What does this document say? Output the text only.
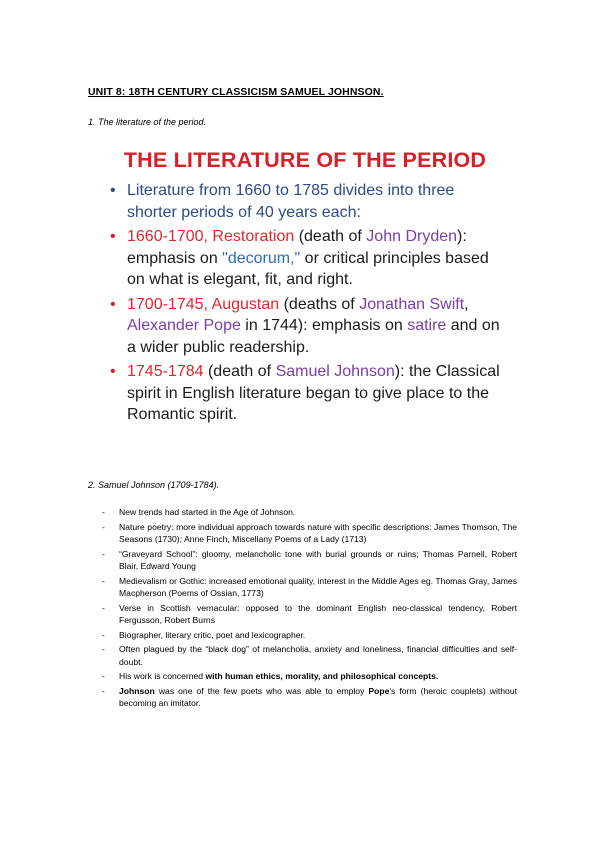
UNIT 8: 18TH CENTURY CLASSICISM SAMUEL JOHNSON.
1. The literature of the period.
THE LITERATURE OF THE PERIOD
• Literature from 1660 to 1785 divides into three shorter periods of 40 years each:
• 1660-1700, Restoration (death of John Dryden): emphasis on "decorum," or critical principles based on what is elegant, fit, and right.
• 1700-1745, Augustan (deaths of Jonathan Swift, Alexander Pope in 1744): emphasis on satire and on a wider public readership.
• 1745-1784 (death of Samuel Johnson): the Classical spirit in English literature began to give place to the Romantic spirit.
2. Samuel Johnson (1709-1784).
- New trends had started in the Age of Johnson.
- Nature poetry: more individual approach towards nature with specific descriptions: James Thomson, The Seasons (1730); Anne Finch, Miscellany Poems of a Lady (1713)
- “Graveyard School”: gloomy, melancholic tone with burial grounds or ruins; Thomas Parnell, Robert Blair, Edward Young
- Medievalism or Gothic: increased emotional quality, interest in the Middle Ages eg. Thomas Gray, James Macpherson (Poems of Ossian, 1773)
- Verse in Scottish vernacular: opposed to the dominant English neo-classical tendency, Robert Fergusson, Robert Burns
- Biographer, literary critic, poet and lexicographer.
- Often plagued by the “black dog” of melancholia, anxiety and loneliness, financial difficulties and self-doubt.
- His work is concerned with human ethics, morality, and philosophical concepts.
- Johnson was one of the few poets who was able to employ Pope's form (heroic couplets) without becoming an imitator.
